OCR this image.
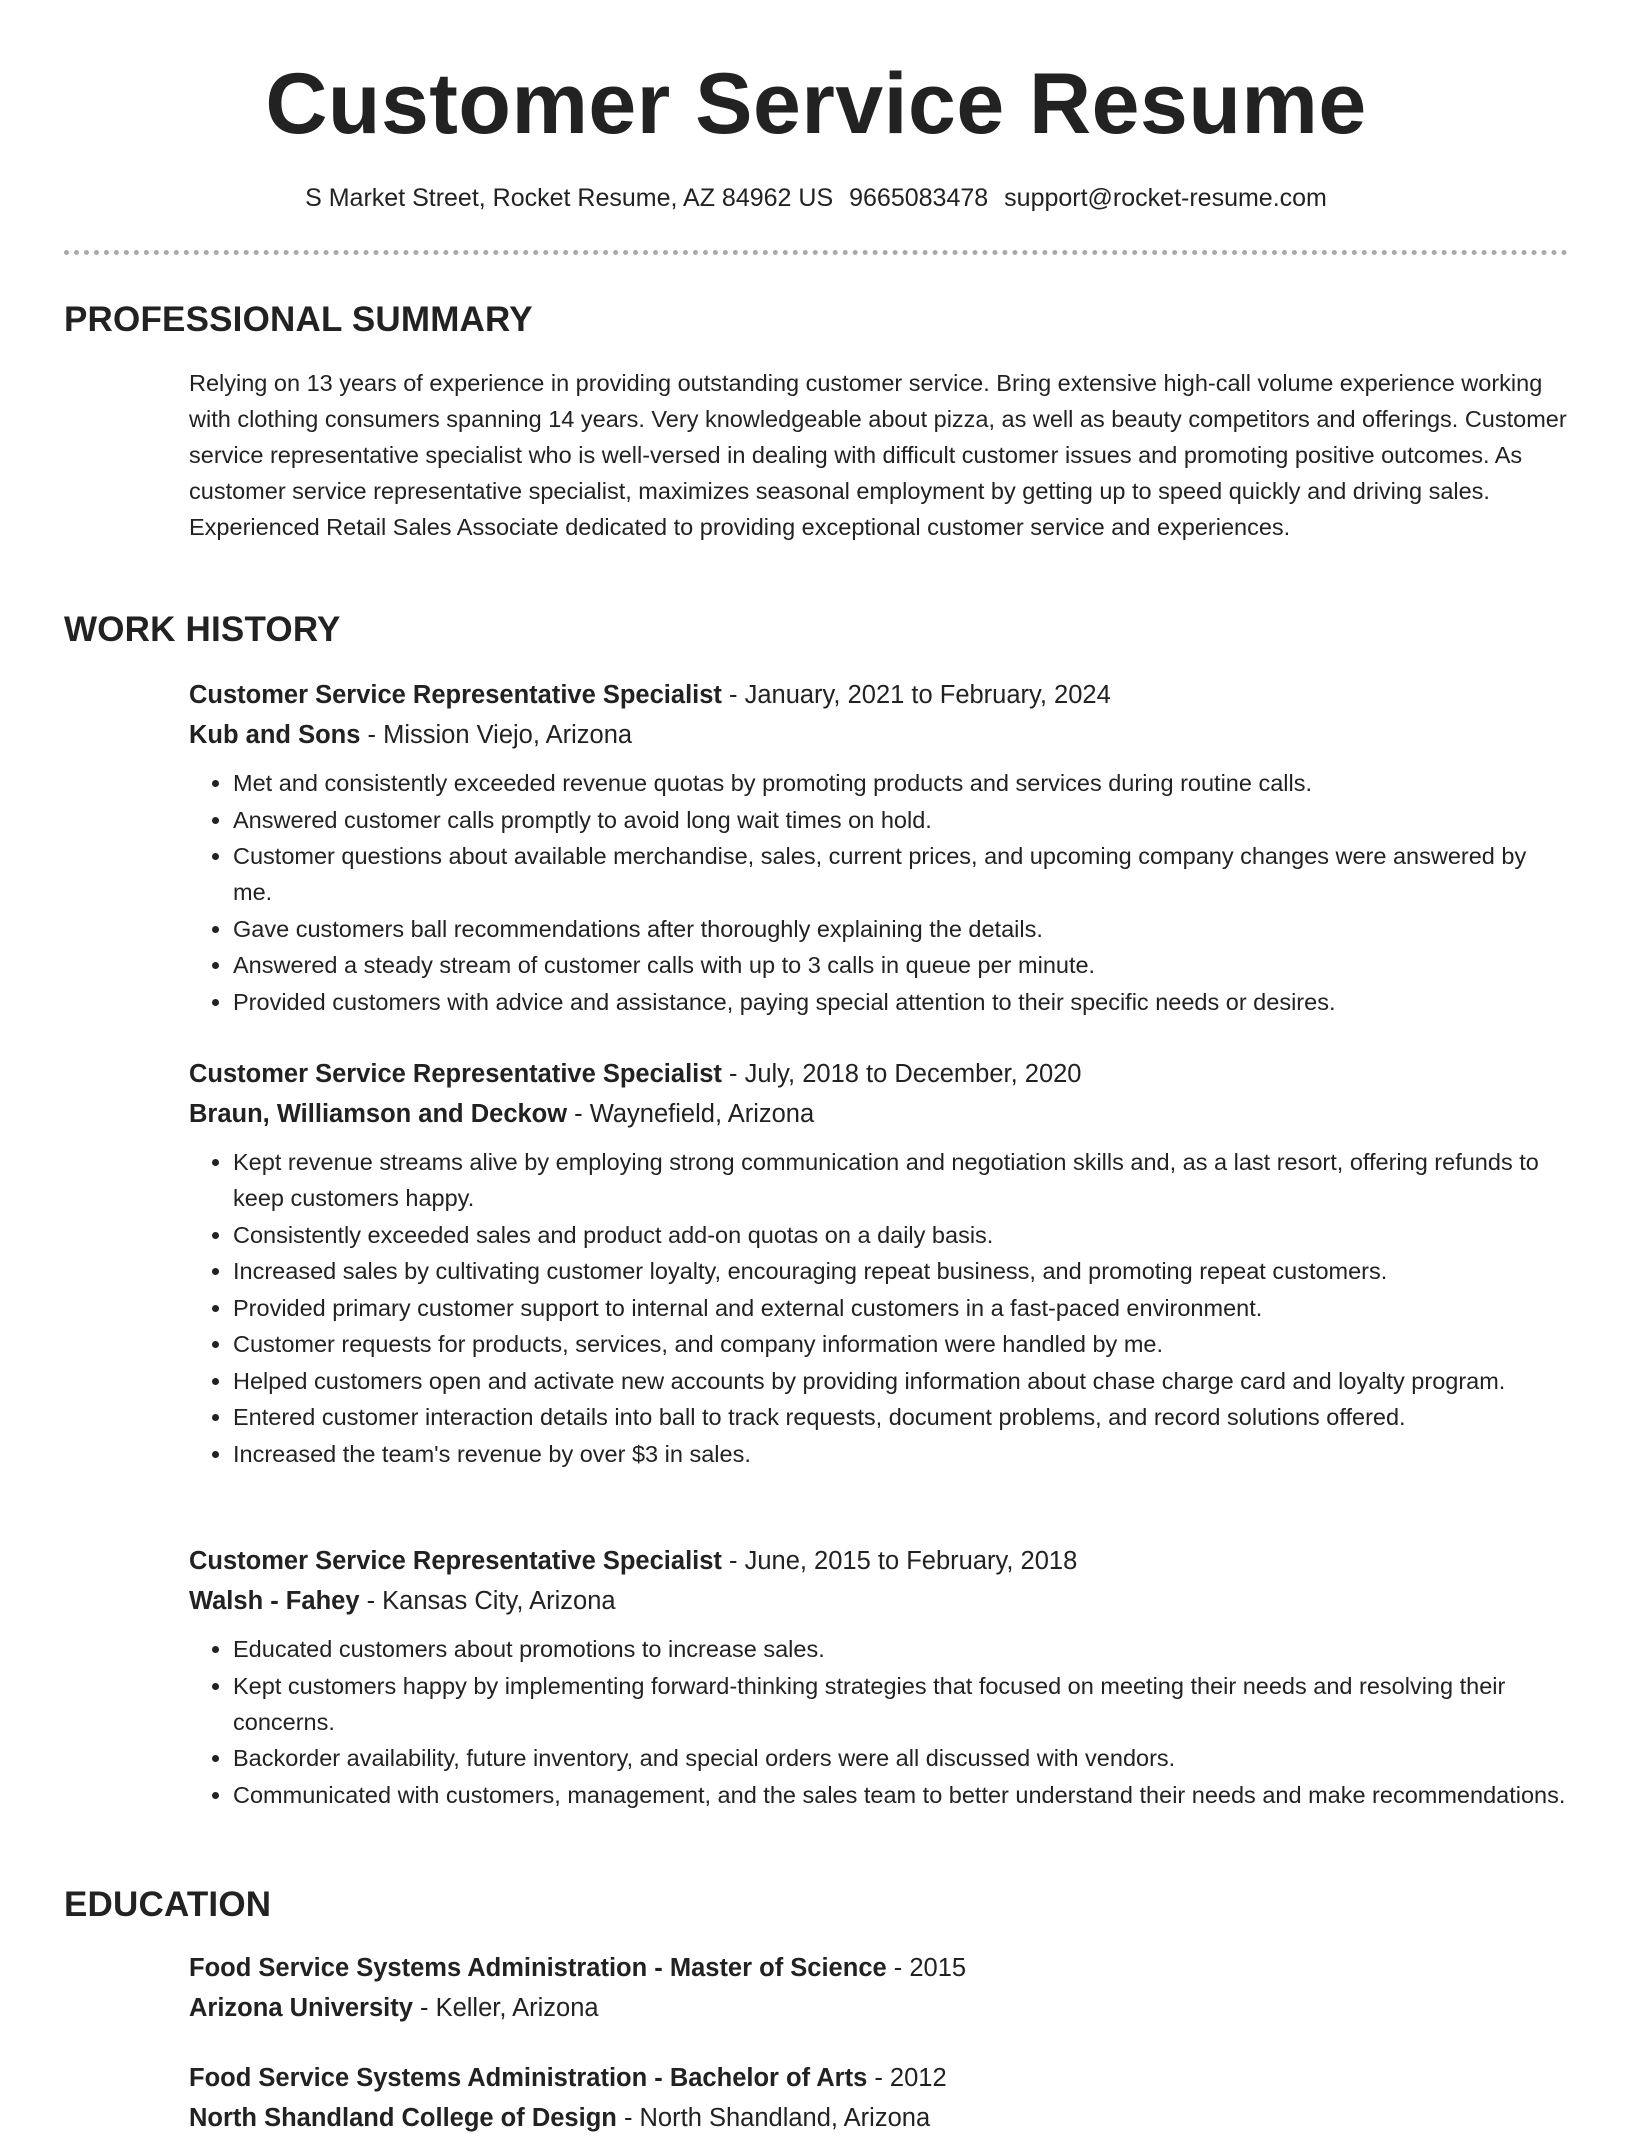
Customer Service Resume
S Market Street, Rocket Resume, AZ 84962 US 9665083478 support@rocket-resume.com
PROFESSIONAL SUMMARY
Relying on 13 years of experience in providing outstanding customer service. Bring extensive high-call volume experience working with clothing consumers spanning 14 years. Very knowledgeable about pizza, as well as beauty competitors and offerings. Customer service representative specialist who is well-versed in dealing with difficult customer issues and promoting positive outcomes. As customer service representative specialist, maximizes seasonal employment by getting up to speed quickly and driving sales. Experienced Retail Sales Associate dedicated to providing exceptional customer service and experiences.
WORK HISTORY
Customer Service Representative Specialist - January, 2021 to February, 2024
Kub and Sons - Mission Viejo, Arizona
• Met and consistently exceeded revenue quotas by promoting products and services during routine calls.
• Answered customer calls promptly to avoid long wait times on hold.
• Customer questions about available merchandise, sales, current prices, and upcoming company changes were answered by me.
• Gave customers ball recommendations after thoroughly explaining the details.
• Answered a steady stream of customer calls with up to 3 calls in queue per minute.
• Provided customers with advice and assistance, paying special attention to their specific needs or desires.
Customer Service Representative Specialist - July, 2018 to December, 2020
Braun, Williamson and Deckow - Waynefield, Arizona
• Kept revenue streams alive by employing strong communication and negotiation skills and, as a last resort, offering refunds to keep customers happy.
• Consistently exceeded sales and product add-on quotas on a daily basis.
• Increased sales by cultivating customer loyalty, encouraging repeat business, and promoting repeat customers.
• Provided primary customer support to internal and external customers in a fast-paced environment.
• Customer requests for products, services, and company information were handled by me.
• Helped customers open and activate new accounts by providing information about chase charge card and loyalty program.
• Entered customer interaction details into ball to track requests, document problems, and record solutions offered.
• Increased the team's revenue by over $3 in sales.
Customer Service Representative Specialist - June, 2015 to February, 2018
Walsh - Fahey - Kansas City, Arizona
• Educated customers about promotions to increase sales.
• Kept customers happy by implementing forward-thinking strategies that focused on meeting their needs and resolving their concerns.
• Backorder availability, future inventory, and special orders were all discussed with vendors.
• Communicated with customers, management, and the sales team to better understand their needs and make recommendations.
EDUCATION
Food Service Systems Administration - Master of Science - 2015
Arizona University - Keller, Arizona
Food Service Systems Administration - Bachelor of Arts - 2012
North Shandland College of Design - North Shandland, Arizona
